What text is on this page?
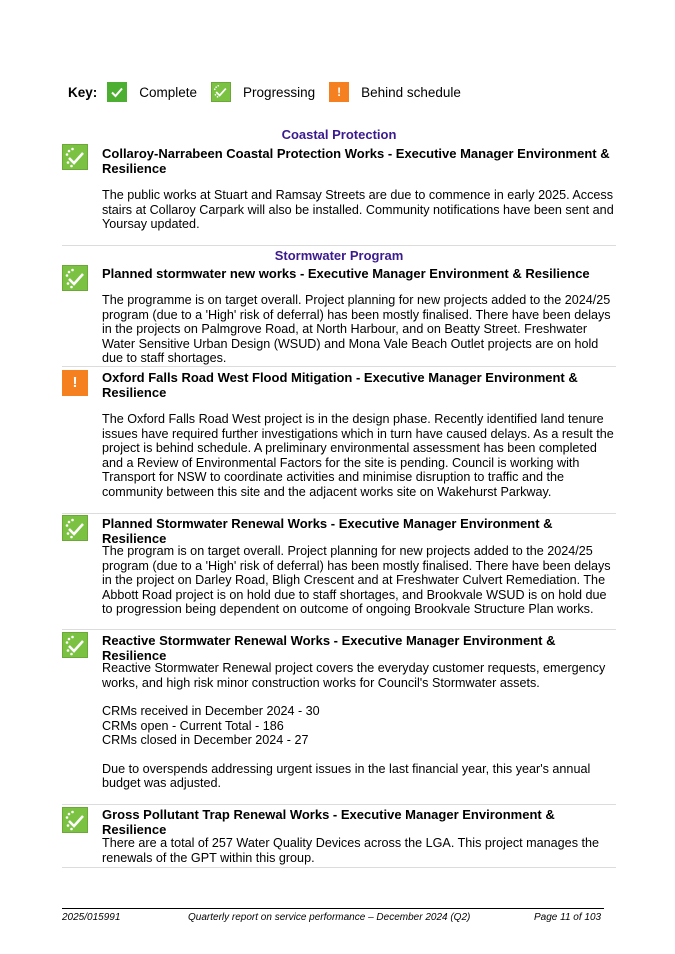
Key:	Complete	Progressing	!	Behind schedule
Coastal Protection
Collaroy-Narrabeen Coastal Protection Works - Executive Manager Environment & Resilience

The public works at Stuart and Ramsay Streets are due to commence in early 2025. Access stairs at Collaroy Carpark will also be installed. Community notifications have been sent and Yoursay updated.

Stormwater Program
Planned stormwater new works - Executive Manager Environment & Resilience

The programme is on target overall. Project planning for new projects added to the 2024/25 program (due to a 'High' risk of deferral) has been mostly finalised. There have been delays in the projects on Palmgrove Road, at North Harbour, and on Beatty Street. Freshwater Water Sensitive Urban Design (WSUD) and Mona Vale Beach Outlet projects are on hold due to staff shortages.

!	Oxford Falls Road West Flood Mitigation - Executive Manager Environment & Resilience

The Oxford Falls Road West project is in the design phase. Recently identified land tenure issues have required further investigations which in turn have caused delays. As a result the project is behind schedule. A preliminary environmental assessment has been completed and a Review of Environmental Factors for the site is pending. Council is working with Transport for NSW to coordinate activities and minimise disruption to traffic and the community between this site and the adjacent works site on Wakehurst Parkway.

Planned Stormwater Renewal Works - Executive Manager Environment & Resilience

The program is on target overall. Project planning for new projects added to the 2024/25 program (due to a 'High' risk of deferral) has been mostly finalised. There have been delays in the project on Darley Road, Bligh Crescent and at Freshwater Culvert Remediation. The Abbott Road project is on hold due to staff shortages, and Brookvale WSUD is on hold due to progression being dependent on outcome of ongoing Brookvale Structure Plan works.

Reactive Stormwater Renewal Works - Executive Manager Environment & Resilience

Reactive Stormwater Renewal project covers the everyday customer requests, emergency works, and high risk minor construction works for Council's Stormwater assets.

CRMs received in December 2024 - 30

CRMs open - Current Total - 186

CRMs closed in December 2024 - 27

Due to overspends addressing urgent issues in the last financial year, this year's annual budget was adjusted.

Gross Pollutant Trap Renewal Works - Executive Manager Environment & Resilience

There are a total of 257 Water Quality Devices across the LGA. This project manages the renewals of the GPT within this group.

2025/015991	Quarterly report on service performance – December 2024 (Q2)	Page 11 of 103
